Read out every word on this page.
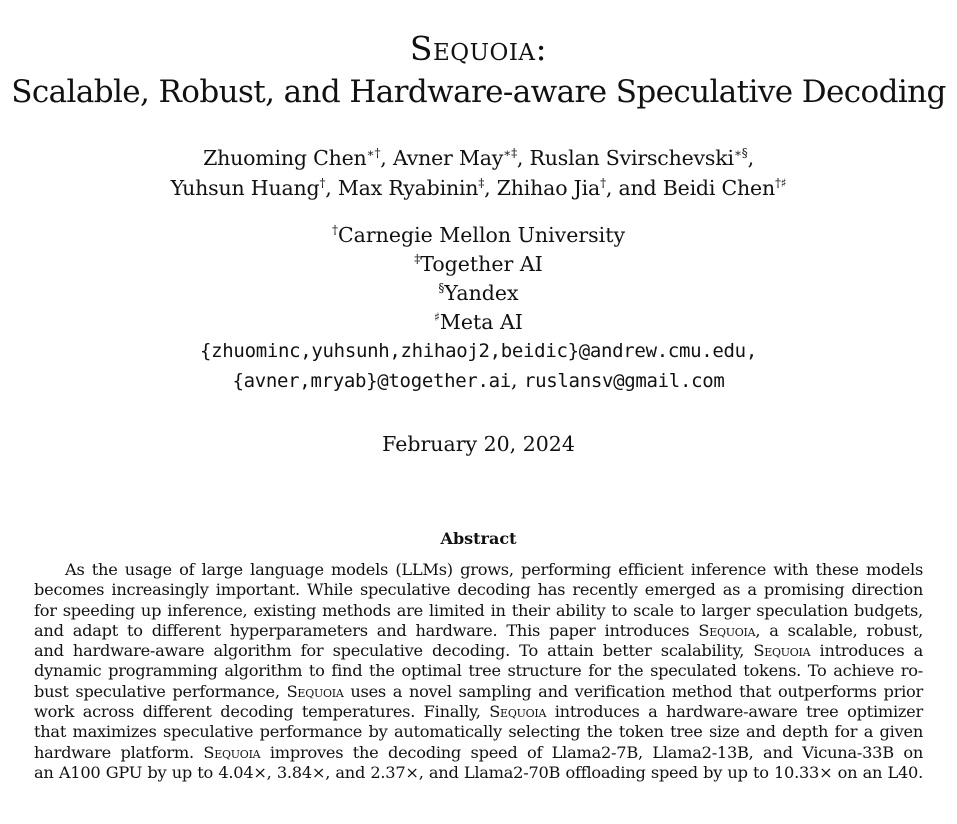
Sequoia:
Scalable, Robust, and Hardware-aware Speculative Decoding
Zhuoming Chen∗†, Avner May∗‡, Ruslan Svirschevski∗§,
Yuhsun Huang†, Max Ryabinin‡, Zhihao Jia†, and Beidi Chen†♯
†Carnegie Mellon University
‡Together AI
§Yandex
♯Meta AI
{zhuominc,yuhsunh,zhihaoj2,beidic}@andrew.cmu.edu,
{avner,mryab}@together.ai, ruslansv@gmail.com
February 20, 2024
Abstract
As the usage of large language models (LLMs) grows, performing efficient inference with these models
becomes increasingly important. While speculative decoding has recently emerged as a promising direction
for speeding up inference, existing methods are limited in their ability to scale to larger speculation budgets,
and adapt to different hyperparameters and hardware. This paper introduces Sequoia, a scalable, robust,
and hardware-aware algorithm for speculative decoding. To attain better scalability, Sequoia introduces a
dynamic programming algorithm to find the optimal tree structure for the speculated tokens. To achieve ro-
bust speculative performance, Sequoia uses a novel sampling and verification method that outperforms prior
work across different decoding temperatures. Finally, Sequoia introduces a hardware-aware tree optimizer
that maximizes speculative performance by automatically selecting the token tree size and depth for a given
hardware platform. Sequoia improves the decoding speed of Llama2-7B, Llama2-13B, and Vicuna-33B on
an A100 GPU by up to 4.04×, 3.84×, and 2.37×, and Llama2-70B offloading speed by up to 10.33× on an L40.
